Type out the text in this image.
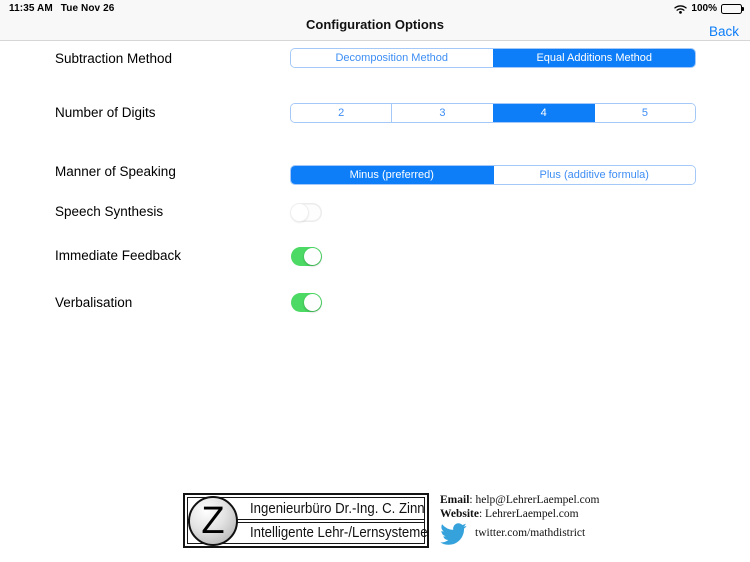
11:35 AM Tue Nov 26	100%
Configuration Options	Back
Subtraction Method	Decomposition Method	Equal Additions Method
Number of Digits	2	3	4	5
Manner of Speaking	Minus (preferred)	Plus (additive formula)
Speech Synthesis
Immediate Feedback
Verbalisation
Z Ingenieurbüro Dr.-Ing. C. Zinn
Intelligente Lehr-/Lernsysteme
Email: help@LehrerLaempel.com
Website: LehrerLaempel.com
twitter.com/mathdistrict
